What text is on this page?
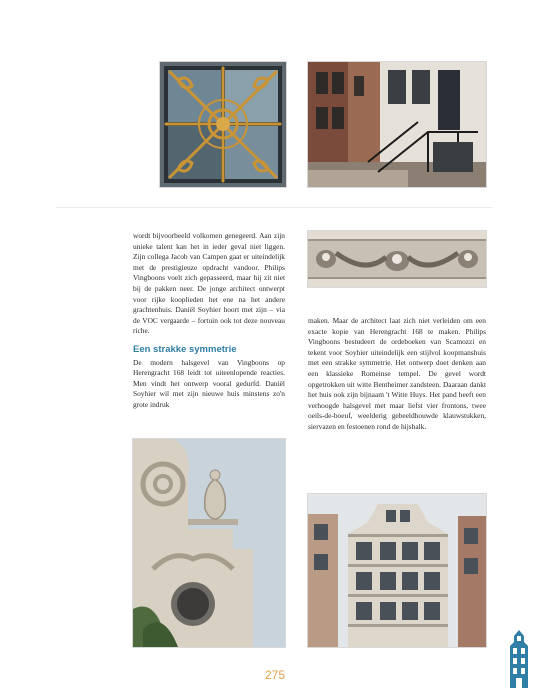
wordt bijvoorbeeld volkomen genegeerd. Aan zijn unieke talent kan het in ieder geval niet liggen. Zijn collega Jacob van Campen gaat er uiteindelijk met de prestigieuze opdracht vandoor. Philips Vingboons voelt zich gepasseerd, maar hij zit niet bij de pakken neer. De jonge architect ontwerpt voor rijke kooplieden het ene na het andere grachtenhuis. Daniël Soyhier hoort met zijn – via de VOC vergaarde – fortuin ook tot deze nouveau riche.

Een strakke symmetrie

De modern halsgevel van Vingboons op Herengracht 168 leidt tot uiteenlopende reacties. Men vindt het ontwerp vooral gedurfd. Daniël Soyhier wil met zijn nieuwe huis minstens zo'n grote indruk

maken. Maar de architect laat zich niet verleiden om een exacte kopie van Herengracht 168 te maken. Philips Vingboons bestudeert de ordeboeken van Scamozzi en tekent voor Soyhier uiteindelijk een stijlvol koopmanshuis met een strakke symmetrie. Het ontwerp doet denken aan een klassieke Romeinse tempel. De gevel wordt opgetrokken uit witte Bentheimer zandsteen. Daaraan dankt het huis ook zijn bijnaam 't Witte Huys. Het pand heeft een verhoogde halsgevel met maar liefst vier frontons, twee oeils-de-boeuf, weelderig gebeeldhouwde klauwstukken, siervazen en festoenen rond de hijsbalk.

275
